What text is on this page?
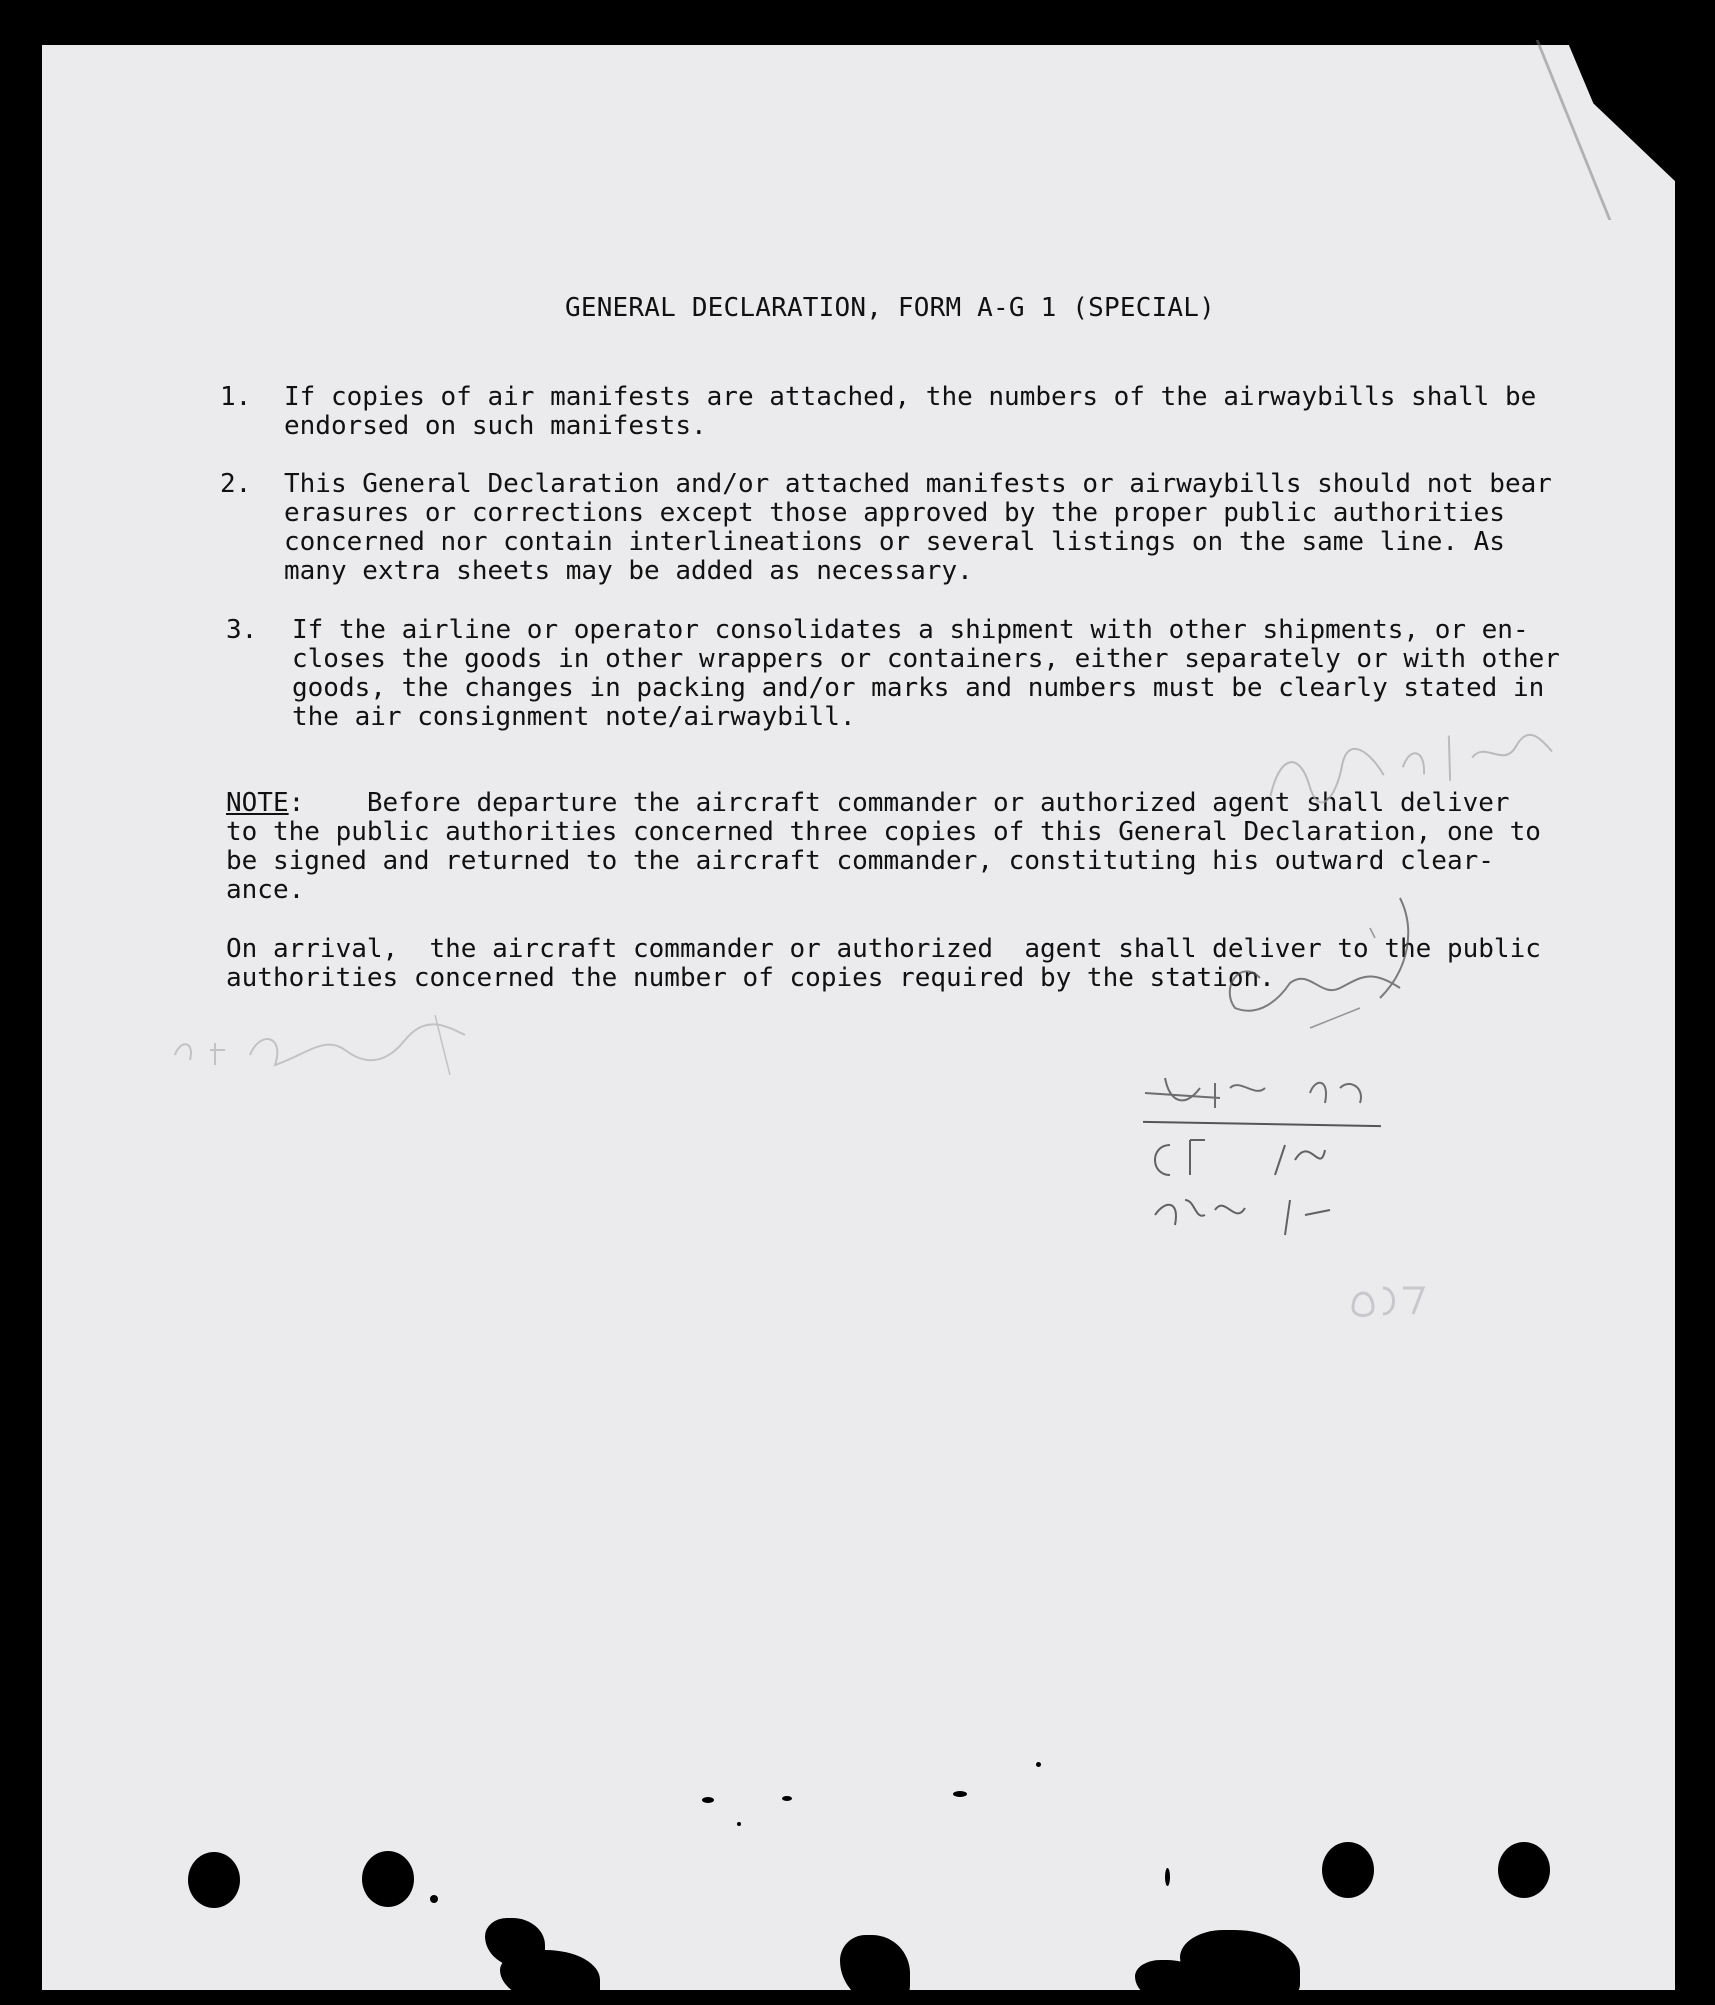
GENERAL DECLARATION, FORM A-G 1 (SPECIAL)
1. If copies of air manifests are attached, the numbers of the airwaybills shall be
endorsed on such manifests.
2. This General Declaration and/or attached manifests or airwaybills should not bear
erasures or corrections except those approved by the proper public authorities
concerned nor contain interlineations or several listings on the same line. As
many extra sheets may be added as necessary.
3. If the airline or operator consolidates a shipment with other shipments, or en-
closes the goods in other wrappers or containers, either separately or with other
goods, the changes in packing and/or marks and numbers must be clearly stated in
the air consignment note/airwaybill.
NOTE:    Before departure the aircraft commander or authorized agent shall deliver
to the public authorities concerned three copies of this General Declaration, one to
be signed and returned to the aircraft commander, constituting his outward clear-
ance.
On arrival,  the aircraft commander or authorized  agent shall deliver to the public
authorities concerned the number of copies required by the station.
